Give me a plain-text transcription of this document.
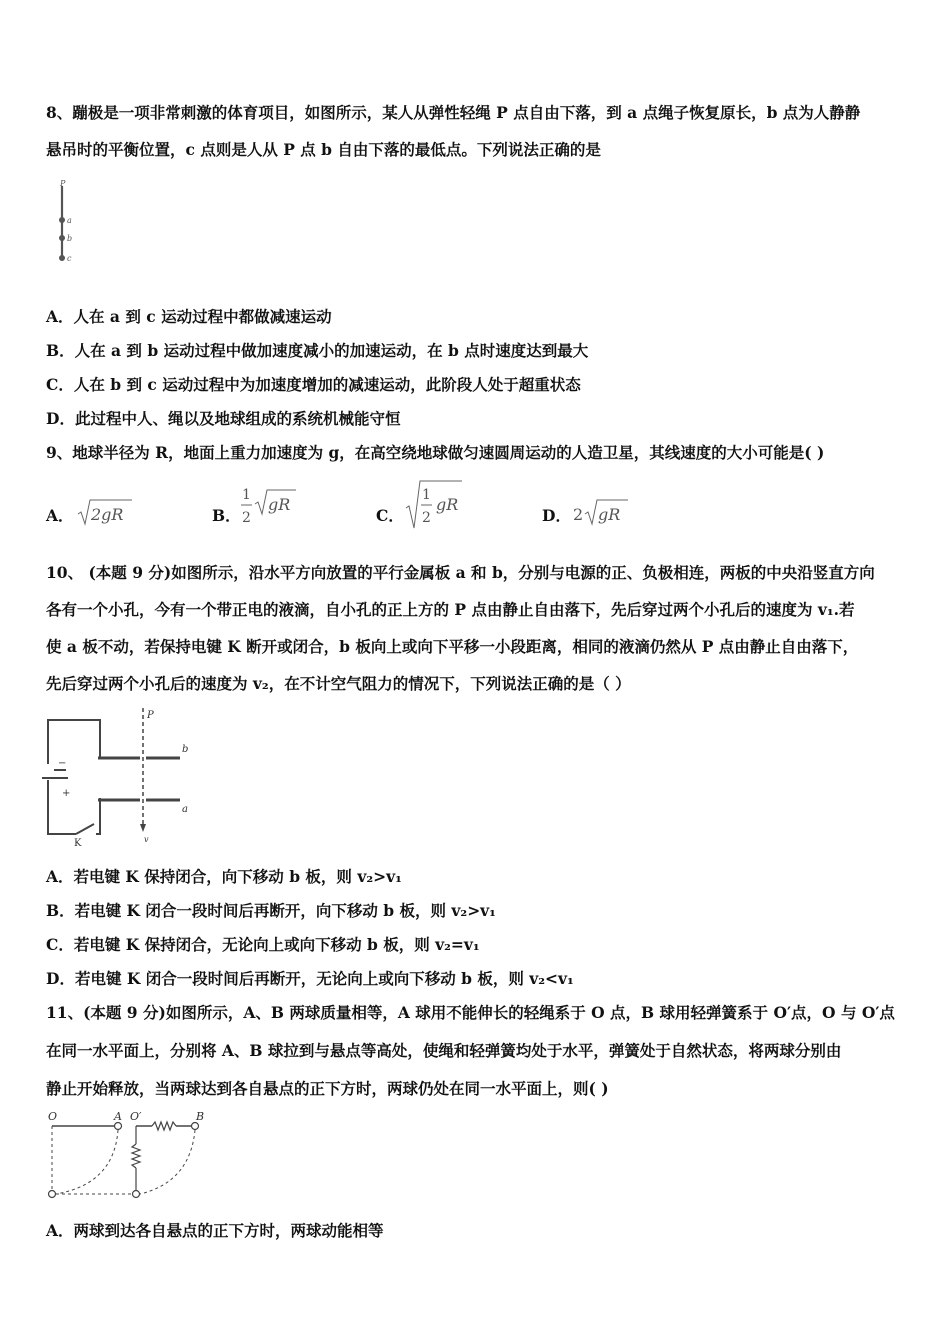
8、蹦极是一项非常刺激的体育项目，如图所示，某人从弹性轻绳 P 点自由下落，到 a 点绳子恢复原长，b 点为人静静
悬吊时的平衡位置，c 点则是人从 P 点 b 自由下落的最低点。下列说法正确的是
P
a
b
c
A．人在 a 到 c 运动过程中都做减速运动
B．人在 a 到 b 运动过程中做加速度减小的加速运动，在 b 点时速度达到最大
C．人在 b 到 c 运动过程中为加速度增加的减速运动，此阶段人处于超重状态
D．此过程中人、绳以及地球组成的系统机械能守恒
9、地球半径为 R，地面上重力加速度为 g，在高空绕地球做匀速圆周运动的人造卫星，其线速度的大小可能是( )
A． 2gR	B．
1
2
gR
C．
1
2
gR
D． 2 gR
10、 (本题 9 分)如图所示，沿水平方向放置的平行金属板 a 和 b，分别与电源的正、负极相连，两板的中央沿竖直方向
各有一个小孔，今有一个带正电的液滴，自小孔的正上方的 P 点由静止自由落下，先后穿过两个小孔后的速度为 v₁.若
使 a 板不动，若保持电键 K 断开或闭合，b 板向上或向下平移一小段距离，相同的液滴仍然从 P 点由静止自由落下，
先后穿过两个小孔后的速度为 v₂，在不计空气阻力的情况下，下列说法正确的是（ ）
P
b
a
−
+
K	v
A．若电键 K 保持闭合，向下移动 b 板，则 v₂>v₁
B．若电键 K 闭合一段时间后再断开，向下移动 b 板，则 v₂>v₁
C．若电键 K 保持闭合，无论向上或向下移动 b 板，则 v₂=v₁
D．若电键 K 闭合一段时间后再断开，无论向上或向下移动 b 板，则 v₂<v₁
11、(本题 9 分)如图所示，A、B 两球质量相等，A 球用不能伸长的轻绳系于 O 点，B 球用轻弹簧系于 O′点，O 与 O′点
在同一水平面上，分别将 A、B 球拉到与悬点等高处，使绳和轻弹簧均处于水平，弹簧处于自然状态，将两球分别由
静止开始释放，当两球达到各自悬点的正下方时，两球仍处在同一水平面上，则( )
O	A O′	B
A．两球到达各自悬点的正下方时，两球动能相等
